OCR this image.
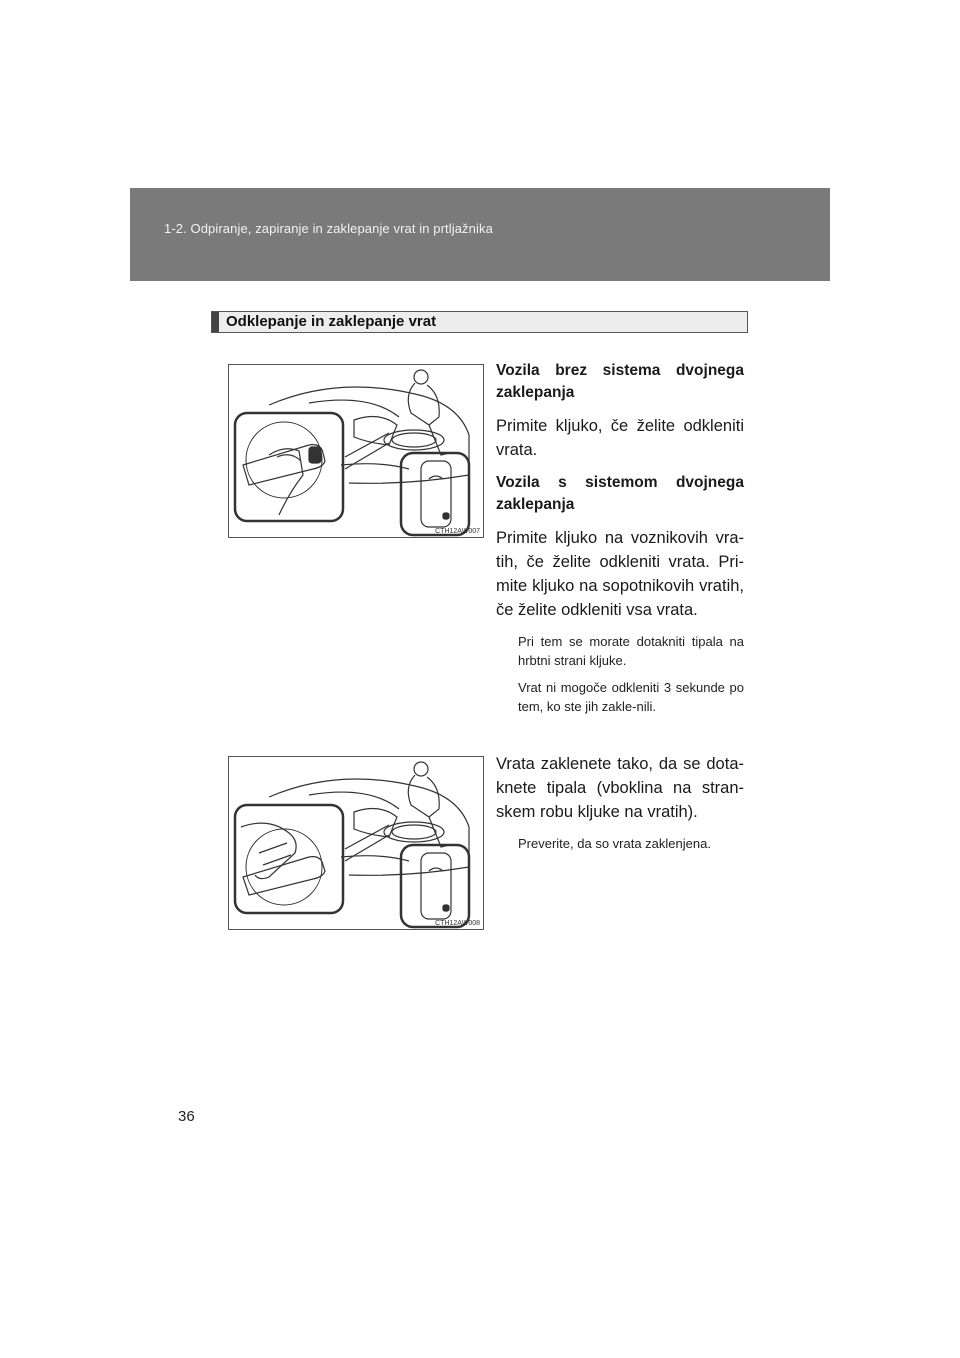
1-2. Odpiranje, zapiranje in zaklepanje vrat in prtljažnika
Odklepanje in zaklepanje vrat
CTH12AW007
CTH12AW008

Vozila brez sistema dvojnega zaklepanja

Primite kljuko, če želite odkleniti vrata.

Vozila s sistemom dvojnega zaklepanja

Primite kljuko na voznikovih vra-tih, če želite odkleniti vrata. Pri-mite kljuko na sopotnikovih vratih, če želite odkleniti vsa vrata.

Pri tem se morate dotakniti tipala na hrbtni strani kljuke.

Vrat ni mogoče odkleniti 3 sekunde po tem, ko ste jih zakle-nili.

Vrata zaklenete tako, da se dota-knete tipala (vboklina na stran-skem robu kljuke na vratih).

Preverite, da so vrata zaklenjena.

36
